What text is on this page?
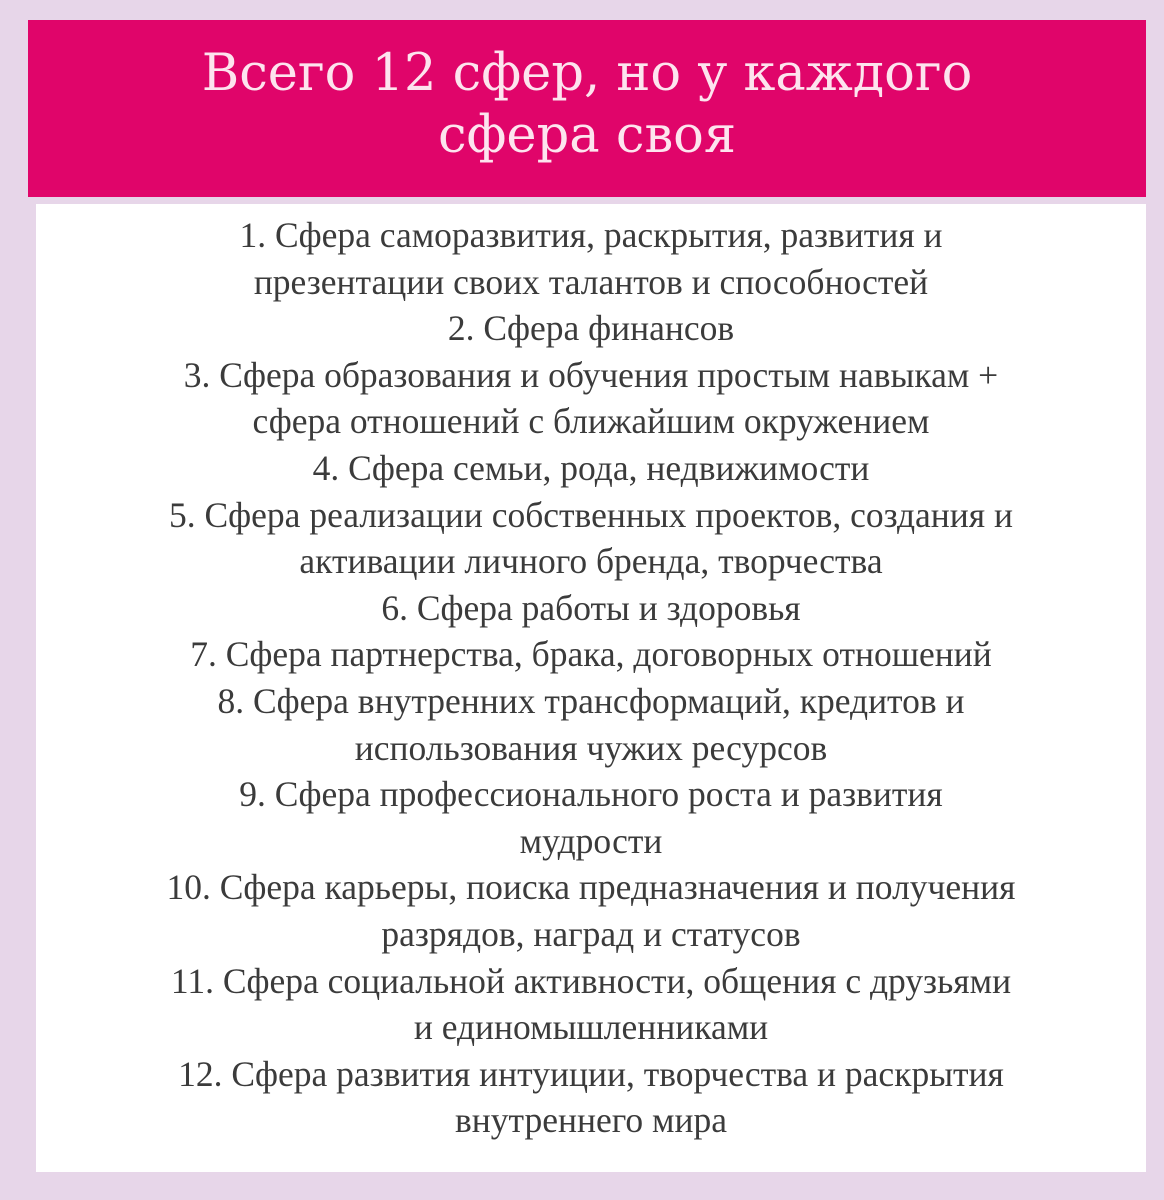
Всего 12 сфер, но у каждого
сфера своя
1. Сфера саморазвития, раскрытия, развития и
презентации своих талантов и способностей
2. Сфера финансов
3. Сфера образования и обучения простым навыкам +
сфера отношений с ближайшим окружением
4. Сфера семьи, рода, недвижимости
5. Сфера реализации собственных проектов, создания и
активации личного бренда, творчества
6. Сфера работы и здоровья
7. Сфера партнерства, брака, договорных отношений
8. Сфера внутренних трансформаций, кредитов и
использования чужих ресурсов
9. Сфера профессионального роста и развития
мудрости
10. Сфера карьеры, поиска предназначения и получения
разрядов, наград и статусов
11. Сфера социальной активности, общения с друзьями
и единомышленниками
12. Сфера развития интуиции, творчества и раскрытия
внутреннего мира
